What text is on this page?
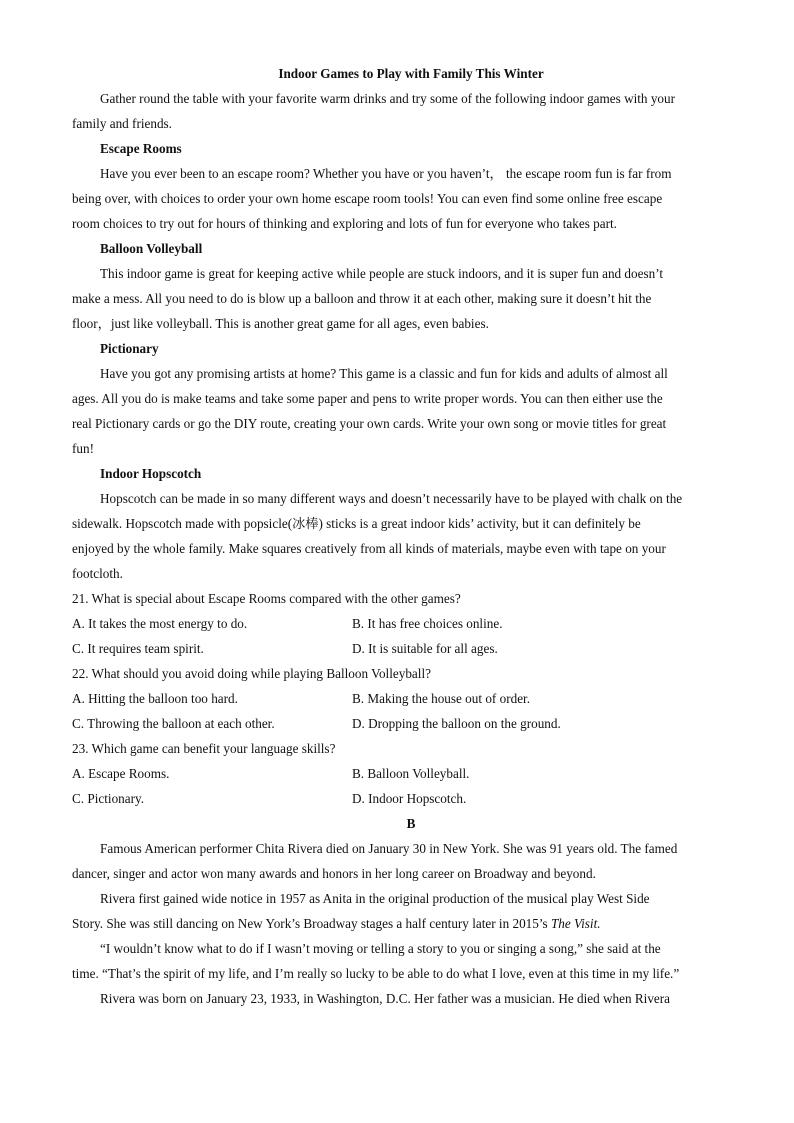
Indoor Games to Play with Family This Winter
Gather round the table with your favorite warm drinks and try some of the following indoor games with your
family and friends.
Escape Rooms
Have you ever been to an escape room? Whether you have or you haven’t， the escape room fun is far from
being over, with choices to order your own home escape room tools! You can even find some online free escape
room choices to try out for hours of thinking and exploring and lots of fun for everyone who takes part.
Balloon Volleyball
This indoor game is great for keeping active while people are stuck indoors, and it is super fun and doesn’t
make a mess. All you need to do is blow up a balloon and throw it at each other, making sure it doesn’t hit the
floor，just like volleyball. This is another great game for all ages, even babies.
Pictionary
Have you got any promising artists at home? This game is a classic and fun for kids and adults of almost all
ages. All you do is make teams and take some paper and pens to write proper words. You can then either use the
real Pictionary cards or go the DIY route, creating your own cards. Write your own song or movie titles for great
fun!
Indoor Hopscotch
Hopscotch can be made in so many different ways and doesn’t necessarily have to be played with chalk on the
sidewalk. Hopscotch made with popsicle(冰棒) sticks is a great indoor kids’ activity, but it can definitely be
enjoyed by the whole family. Make squares creatively from all kinds of materials, maybe even with tape on your
footcloth.
21. What is special about Escape Rooms compared with the other games?
A. It takes the most energy to do.	B. It has free choices online.
C. It requires team spirit.	D. It is suitable for all ages.
22. What should you avoid doing while playing Balloon Volleyball?
A. Hitting the balloon too hard.	B. Making the house out of order.
C. Throwing the balloon at each other.	D. Dropping the balloon on the ground.
23. Which game can benefit your language skills?
A. Escape Rooms.	B. Balloon Volleyball.
C. Pictionary.	D. Indoor Hopscotch.
B
Famous American performer Chita Rivera died on January 30 in New York. She was 91 years old. The famed
dancer, singer and actor won many awards and honors in her long career on Broadway and beyond.
Rivera first gained wide notice in 1957 as Anita in the original production of the musical play West Side
Story. She was still dancing on New York’s Broadway stages a half century later in 2015’s The Visit.
“I wouldn’t know what to do if I wasn’t moving or telling a story to you or singing a song,” she said at the
time. “That’s the spirit of my life, and I’m really so lucky to be able to do what I love, even at this time in my life.”
Rivera was born on January 23, 1933, in Washington, D.C. Her father was a musician. He died when Rivera
